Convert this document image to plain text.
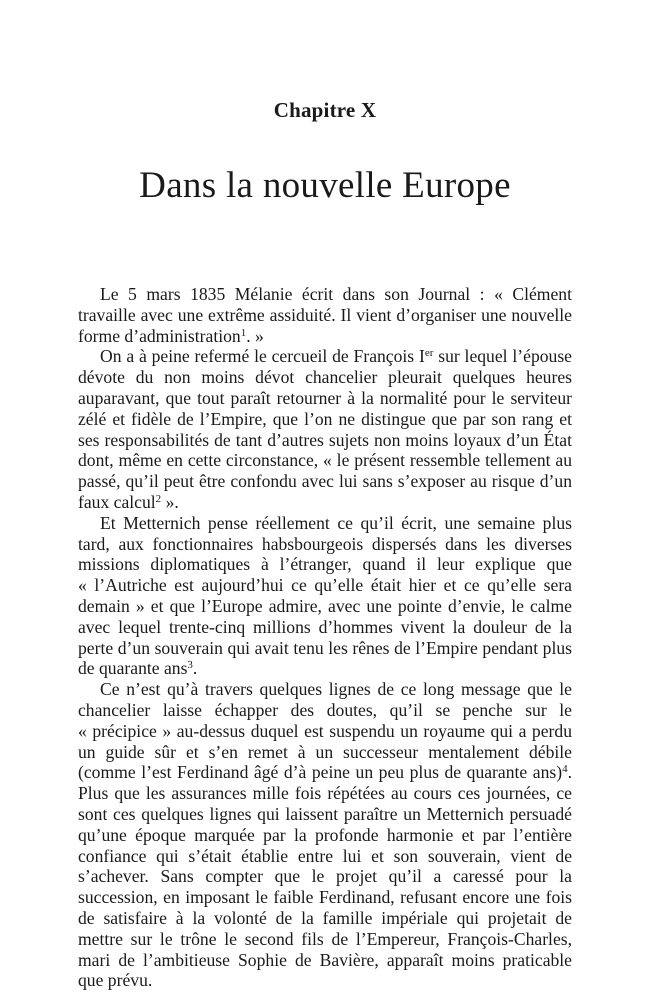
Chapitre X
Dans la nouvelle Europe

Le 5 mars 1835 Mélanie écrit dans son Journal : « Clément travaille avec une extrême assiduité. Il vient d’organiser une nouvelle forme d’administration$^1$. »

On a à peine refermé le cercueil de François Ier sur lequel l’épouse dévote du non moins dévot chancelier pleurait quelques heures auparavant, que tout paraît retourner à la normalité pour le serviteur zélé et fidèle de l’Empire, que l’on ne distingue que par son rang et ses responsabilités de tant d’autres sujets non moins loyaux d’un État dont, même en cette circonstance, « le présent ressemble tellement au passé, qu’il peut être confondu avec lui sans s’exposer au risque d’un faux calcul$^2$ ».

Et Metternich pense réellement ce qu’il écrit, une semaine plus tard, aux fonctionnaires habsbourgeois dispersés dans les diverses missions diplomatiques à l’étranger, quand il leur explique que « l’Autriche est aujourd’hui ce qu’elle était hier et ce qu’elle sera demain » et que l’Europe admire, avec une pointe d’envie, le calme avec lequel trente-cinq millions d’hommes vivent la douleur de la perte d’un souverain qui avait tenu les rênes de l’Empire pendant plus de quarante ans$^3$.

Ce n’est qu’à travers quelques lignes de ce long message que le chancelier laisse échapper des doutes, qu’il se penche sur le « précipice » au-dessus duquel est suspendu un royaume qui a perdu un guide sûr et s’en remet à un successeur mentalement débile (comme l’est Ferdinand âgé d’à peine un peu plus de quarante ans)$^4$. Plus que les assurances mille fois répétées au cours ces journées, ce sont ces quelques lignes qui laissent paraître un Metternich persuadé qu’une époque marquée par la profonde harmonie et par l’entière confiance qui s’était établie entre lui et son souverain, vient de s’achever. Sans compter que le projet qu’il a caressé pour la succession, en imposant le faible Ferdinand, refusant encore une fois de satisfaire à la volonté de la famille impériale qui projetait de mettre sur le trône le second fils de l’Empereur, François-Charles, mari de l’ambitieuse Sophie de Bavière, apparaît moins praticable que prévu.
